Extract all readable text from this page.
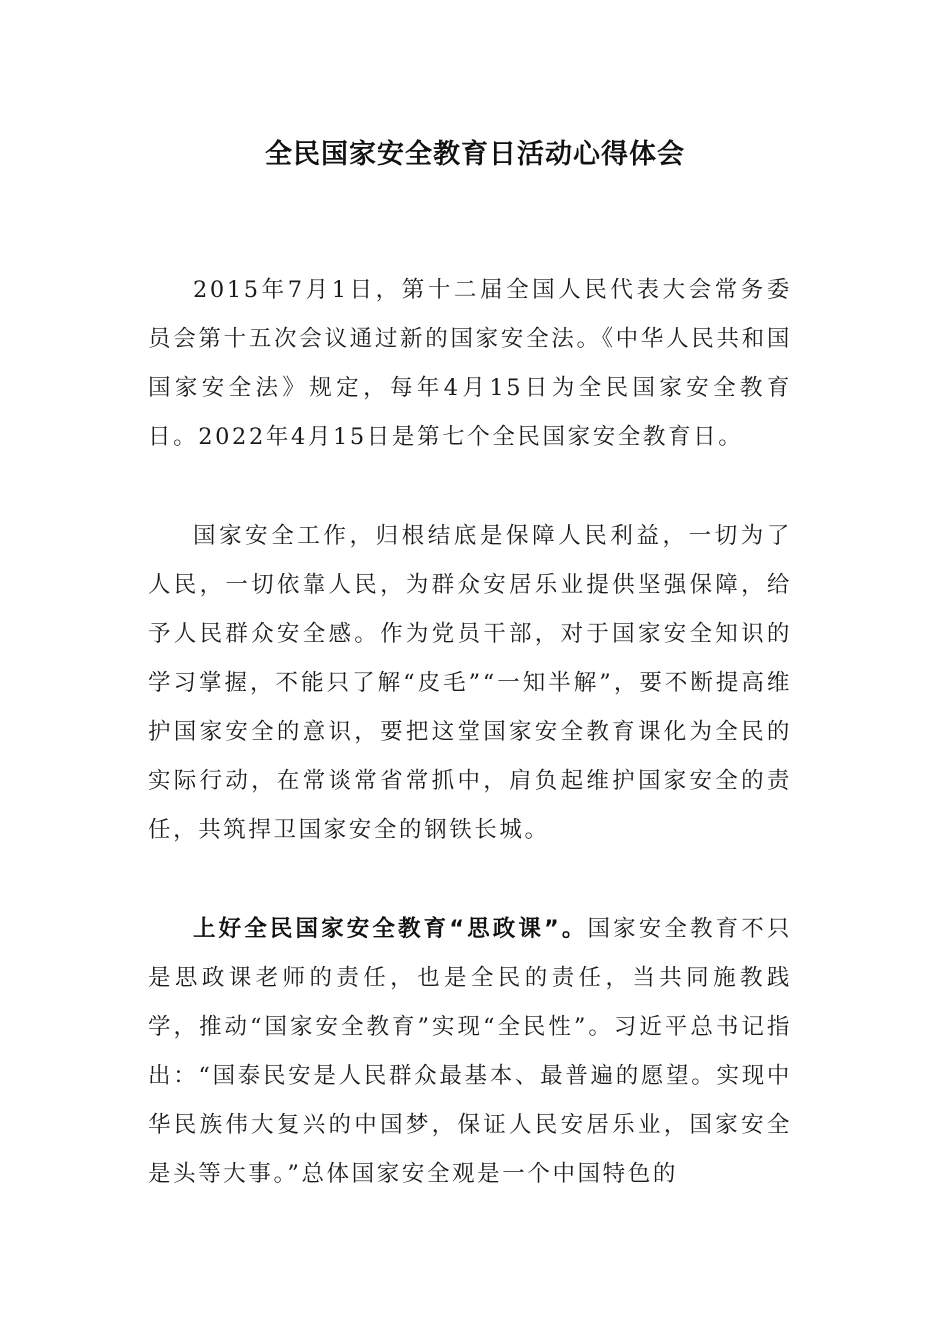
全民国家安全教育日活动心得体会

2015年7月1日，第十二届全国人民代表大会常务委员会第十五次会议通过新的国家安全法。《中华人民共和国国家安全法》规定，每年4月15日为全民国家安全教育日。2022年4月15日是第七个全民国家安全教育日。

国家安全工作，归根结底是保障人民利益，一切为了人民，一切依靠人民，为群众安居乐业提供坚强保障，给予人民群众安全感。作为党员干部，对于国家安全知识的学习掌握，不能只了解“皮毛”“一知半解”，要不断提高维护国家安全的意识，要把这堂国家安全教育课化为全民的实际行动，在常谈常省常抓中，肩负起维护国家安全的责任，共筑捍卫国家安全的钢铁长城。

上好全民国家安全教育“思政课”。国家安全教育不只是思政课老师的责任，也是全民的责任，当共同施教践学，推动“国家安全教育”实现“全民性”。习近平总书记指出：“国泰民安是人民群众最基本、最普遍的愿望。实现中华民族伟大复兴的中国梦，保证人民安居乐业，国家安全是头等大事。”总体国家安全观是一个中国特色的
